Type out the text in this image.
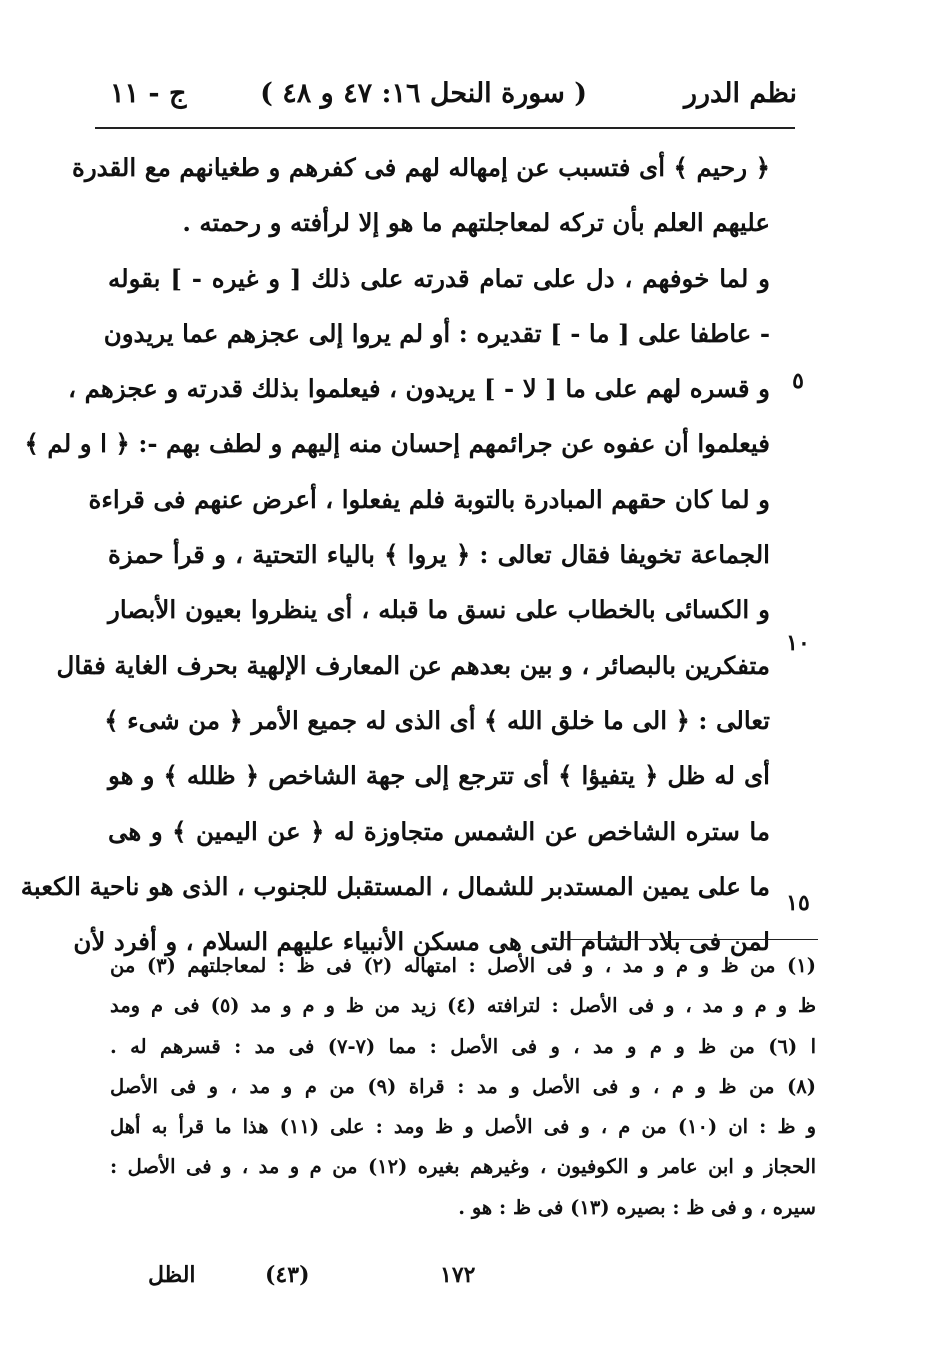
نظم الدرر
( سورة النحل ١٦: ٤٧ و ٤٨ )
ج - ١١
﴿ رحيم ﴾ أى فتسبب عن إمهاله لهم فى كفرهم و طغيانهم مع القدرة
عليهم العلم بأن تركه لمعاجلتهم ما هو إلا لرأفته و رحمته .
و لما خوفهم ، دل على تمام قدرته على ذلك [ و غيره - ] بقوله
- عاطفا على [ ما - ] تقديره : أو لم يروا إلى عجزهم عما يريدون
و قسره لهم على ما [ لا - ] يريدون ، فيعلموا بذلك قدرته و عجزهم ،
فيعلموا أن عفوه عن جرائمهم إحسان منه إليهم و لطف بهم -: ﴿ ا و لم ﴾
و لما كان حقهم المبادرة بالتوبة فلم يفعلوا ، أعرض عنهم فى قراءة
الجماعة تخويفا فقال تعالى : ﴿ يروا ﴾ بالياء التحتية ، و قرأ حمزة
و الكسائى بالخطاب على نسق ما قبله ، أى ينظروا بعيون الأبصار
متفكرين بالبصائر ، و بين بعدهم عن المعارف الإلهية بحرف الغاية فقال
تعالى : ﴿ الى ما خلق الله ﴾ أى الذى له جميع الأمر ﴿ من شىء ﴾
أى له ظل ﴿ يتفيؤا ﴾ أى تترجع إلى جهة الشاخص ﴿ ظلله ﴾ و هو
ما ستره الشاخص عن الشمس متجاوزة له ﴿ عن اليمين ﴾ و هى
ما على يمين المستدبر للشمال ، المستقبل للجنوب ، الذى هو ناحية الكعبة
لمن فى بلاد الشام التى هى مسكن الأنبياء عليهم السلام ، و أفرد لأن
٥
١٠
١٥
(١) من ظ و م و مد ، و فى الأصل : امتهاله (٢) فى ظ : لمعاجلتهم (٣) من
ظ و م و مد ، و فى الأصل : لترافته (٤) زيد من ظ و م و مد (٥) فى م ومد
ا (٦) من ظ و م و مد ، و فى الأصل : مما (٧-٧) فى مد : قسرهم له .
(٨) من ظ و م ، و فى الأصل و مد : قراة (٩) من م و مد ، و فى الأصل
و ظ : ان (١٠) من م ، و فى الأصل و ظ ومد : على (١١) هذا ما قرأ به أهل
الحجاز و ابن عامر و الكوفيون ، وغيرهم بغيره (١٢) من م و مد ، و فى الأصل :
سيره ، و فى ظ : بصيره (١٣) فى ظ : هو .
الظل	(٤٣)	١٧٢
